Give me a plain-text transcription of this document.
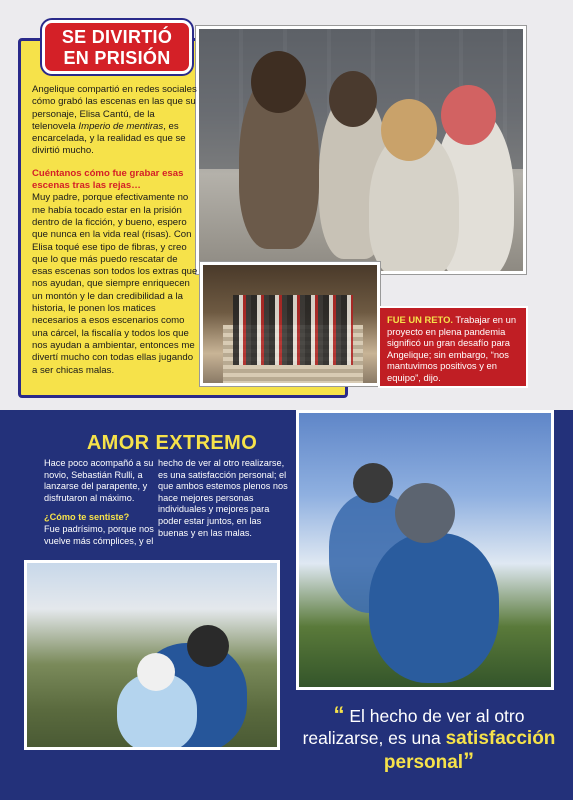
SE DIVIRTIÓ
EN PRISIÓN

Angelique compartió en redes sociales cómo grabó las escenas en las que su personaje, Elisa Cantú, de la telenovela Imperio de mentiras, es encarcelada, y la realidad es que se divirtió mucho.

Cuéntanos cómo fue grabar esas escenas tras las rejas…

Muy padre, porque efectivamente no me había tocado estar en la prisión dentro de la ficción, y bueno, espero que nunca en la vida real (risas). Con Elisa toqué ese tipo de fibras, y creo que lo que más puedo rescatar de esas escenas son todos los extras que nos ayudan, que siempre enriquecen un montón y le dan credibilidad a la historia, le ponen los matices necesarios a esos escenarios como una cárcel, la fiscalía y todos los que nos ayudan a ambientar, entonces me divertí mucho con todas ellas jugando a ser chicas malas.

FUE UN RETO. Trabajar en un proyecto en plena pandemia significó un gran desafío para Angelique; sin embargo, “nos mantuvimos positivos y en equipo”, dijo.
AMOR EXTREMO

Hace poco acompañó a su novio, Sebastián Rulli, a lanzarse del parapente, y disfrutaron al máximo.

¿Cómo te sentiste?

Fue padrísimo, porque nos vuelve más cómplices, y el

hecho de ver al otro realizarse, es una satisfacción personal; el que ambos estemos plenos nos hace mejores personas individuales y mejores para poder estar juntos, en las buenas y en las malas.

“ El hecho de ver al otro realizarse, es una satisfacción personal”
